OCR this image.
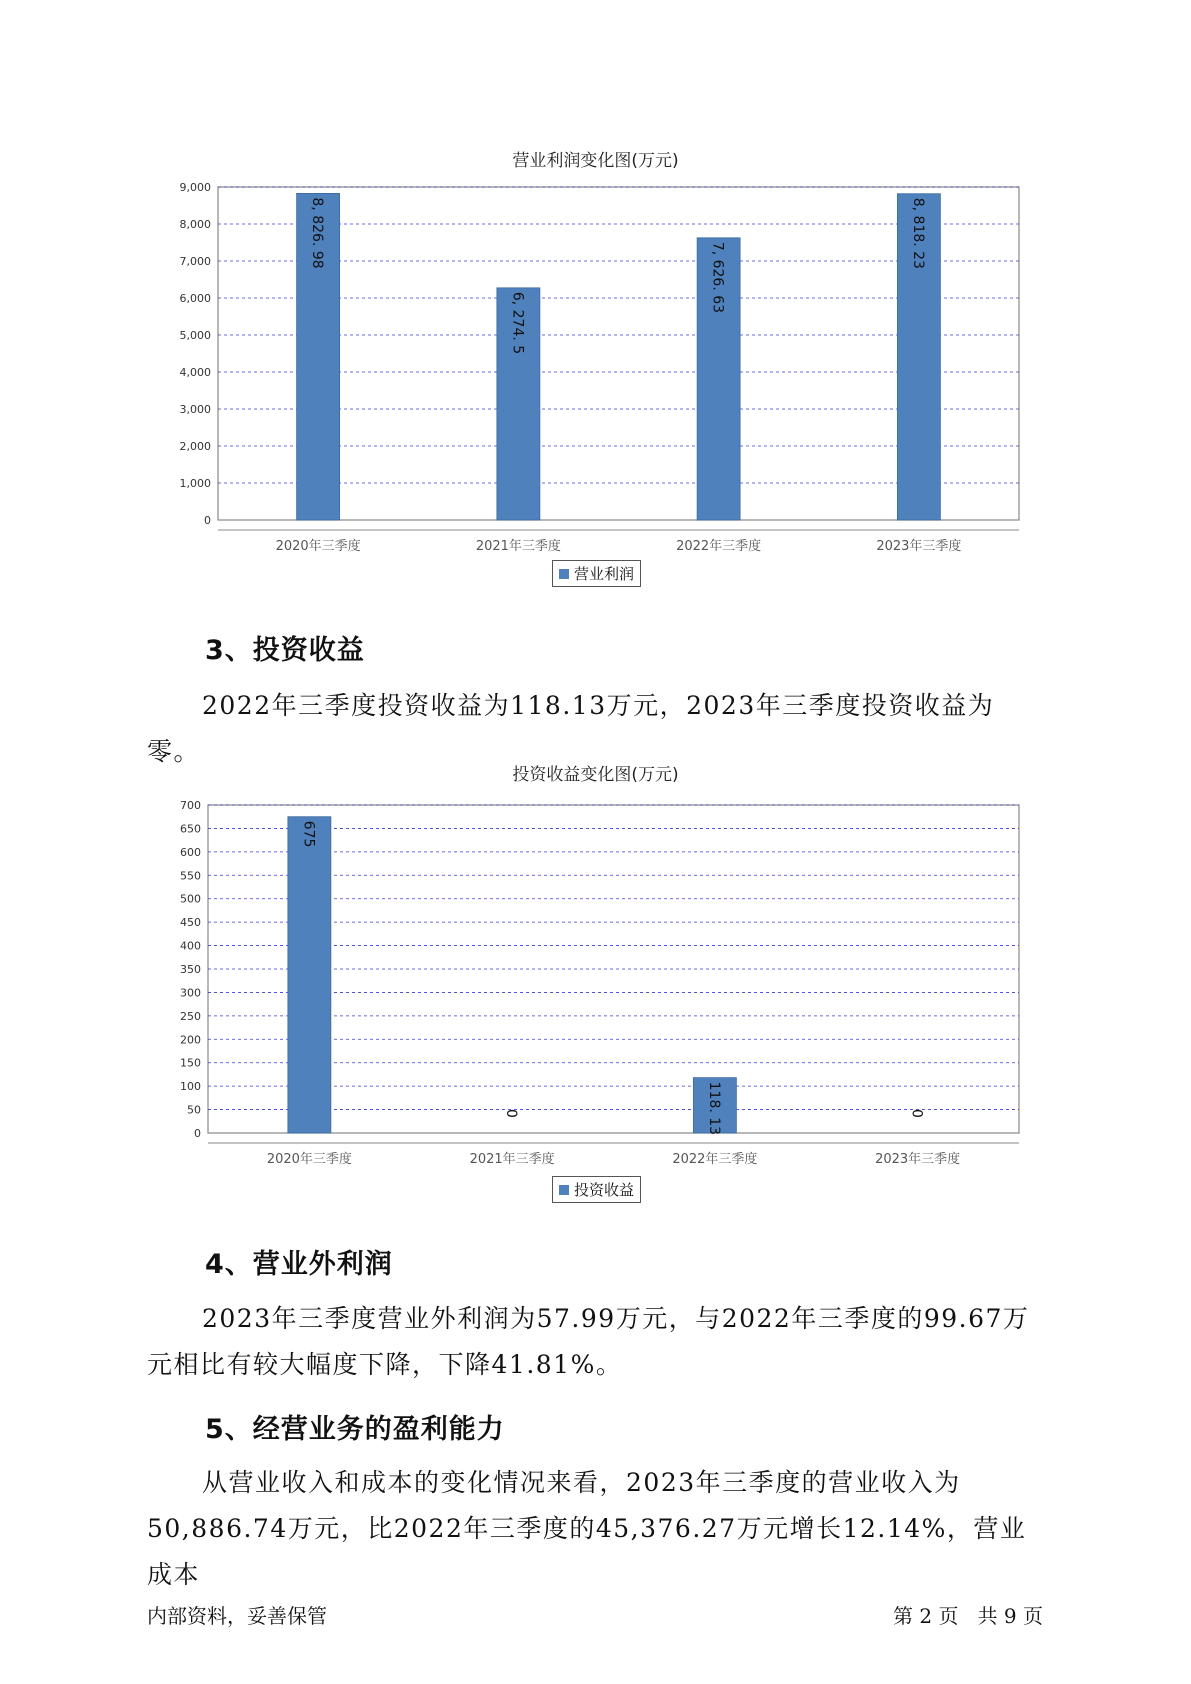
营业利润变化图(万元)
0
1,000
2,000
3,000
4,000
5,000
6,000
7,000
8,000
9,000
2020年三季度
8, 826. 98
2021年三季度
6, 274. 5
2022年三季度
7, 626. 63
2023年三季度
8, 818. 23
营业利润
3、投资收益
2022年三季度投资收益为118.13万元，2023年三季度投资收益为零。
投资收益变化图(万元)
0
50
100
150
200
250
300
350
400
450
500
550
600
650
700
2020年三季度
675
2021年三季度
0
2022年三季度
118. 13
2023年三季度
0
投资收益
4、营业外利润
2023年三季度营业外利润为57.99万元，与2022年三季度的99.67万元相比有较大幅度下降，下降41.81%。
5、经营业务的盈利能力
从营业收入和成本的变化情况来看，2023年三季度的营业收入为50,886.74万元，比2022年三季度的45,376.27万元增长12.14%，营业成本
内部资料，妥善保管	第 2 页   共 9 页
